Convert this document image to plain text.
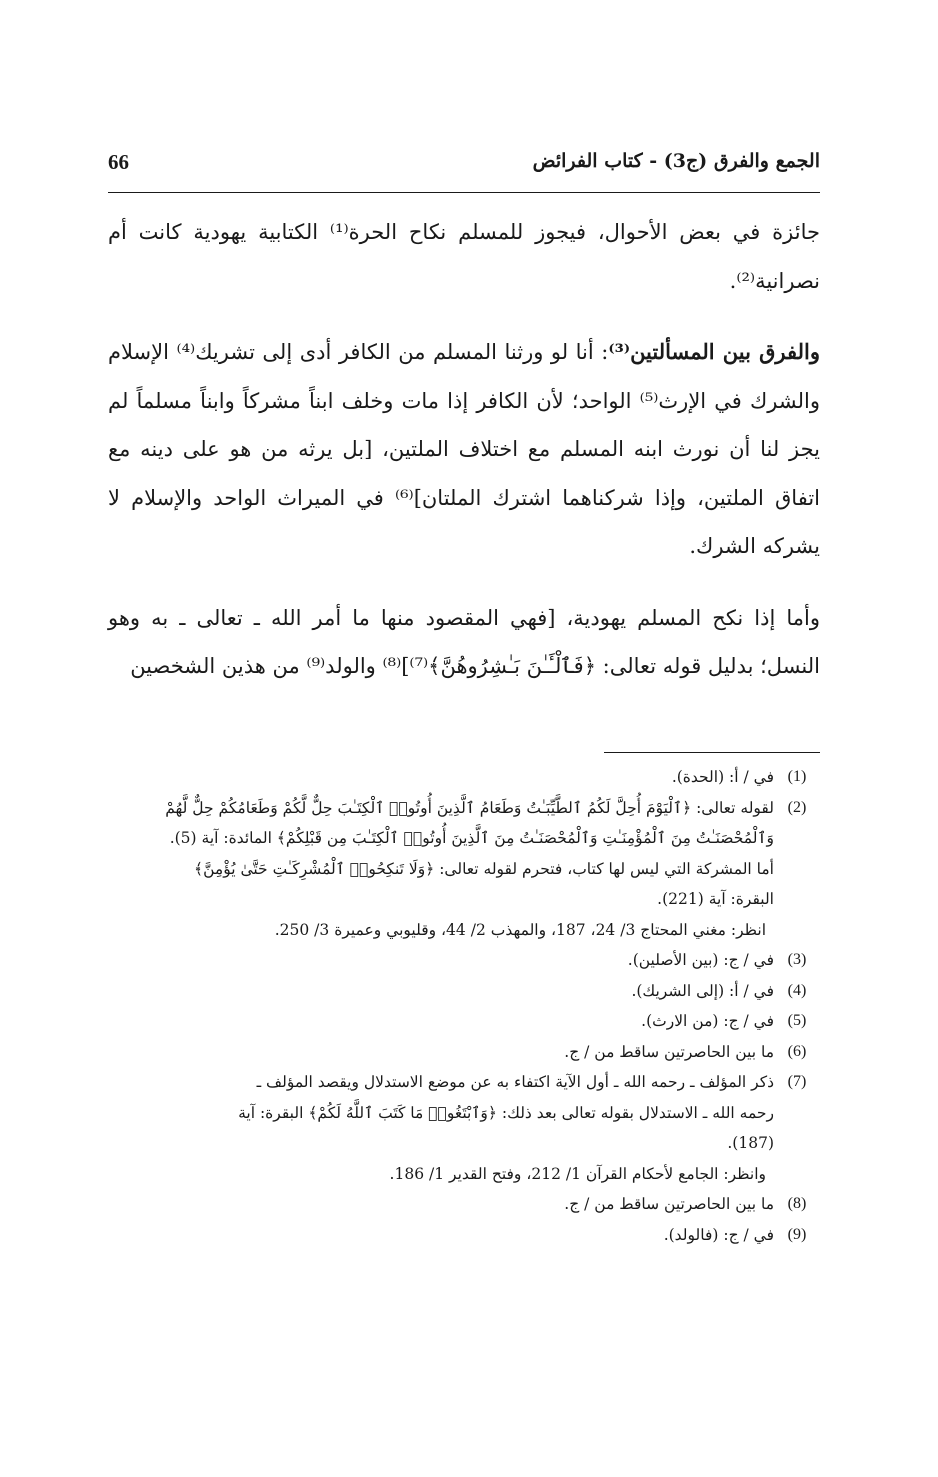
66	الجمع والفرق (ج3) - كتاب الفرائض

جائزة في بعض الأحوال، فيجوز للمسلم نكاح الحرة⁽¹⁾ الكتابية يهودية كانت أم نصرانية⁽²⁾.

والفرق بين المسألتين⁽³⁾: أنا لو ورثنا المسلم من الكافر أدى إلى تشريك⁽⁴⁾ الإسلام والشرك في الإرث⁽⁵⁾ الواحد؛ لأن الكافر إذا مات وخلف ابناً مشركاً وابناً مسلماً لم يجز لنا أن نورث ابنه المسلم مع اختلاف الملتين، [بل يرثه من هو على دينه مع اتفاق الملتين، وإذا شركناهما اشترك الملتان]⁽⁶⁾ في الميراث الواحد والإسلام لا يشركه الشرك.

وأما إذا نكح المسلم يهودية، [فهي المقصود منها ما أمر الله ـ تعالى ـ به وهو النسل؛ بدليل قوله تعالى: ﴿فَٱلْـَٔـٰنَ بَـٰشِرُوهُنَّ﴾⁽⁷⁾]⁽⁸⁾ والولد⁽⁹⁾ من هذين الشخصين

(1)
في / أ: (الحدة).
(2)
لقوله تعالى: ﴿ٱلْيَوْمَ أُحِلَّ لَكُمُ ٱلطَّيِّبَـٰتُ وَطَعَامُ ٱلَّذِينَ أُوتُوا۟ ٱلْكِتَـٰبَ حِلٌّ لَّكُمْ وَطَعَامُكُمْ حِلٌّ لَّهُمْ
وَٱلْمُحْصَنَـٰتُ مِنَ ٱلْمُؤْمِنَـٰتِ وَٱلْمُحْصَنَـٰتُ مِنَ ٱلَّذِينَ أُوتُوا۟ ٱلْكِتَـٰبَ مِن قَبْلِكُمْ﴾ المائدة: آية (5).
أما المشركة التي ليس لها كتاب، فتحرم لقوله تعالى: ﴿وَلَا تَنكِحُوا۟ ٱلْمُشْرِكَـٰتِ حَتَّىٰ يُؤْمِنَّ﴾
البقرة: آية (221).
انظر: مغني المحتاج 3/ 24، 187، والمهذب 2/ 44، وقليوبي وعميرة 3/ 250.
(3)
في / ج: (بين الأصلين).
(4)
في / أ: (إلى الشريك).
(5)
في / ج: (من الارث).
(6)
ما بين الحاصرتين ساقط من / ج.
(7)
ذكر المؤلف ـ رحمه الله ـ أول الآية اكتفاء به عن موضع الاستدلال ويقصد المؤلف ـ
رحمه الله ـ الاستدلال بقوله تعالى بعد ذلك: ﴿وَٱبْتَغُوا۟ مَا كَتَبَ ٱللَّهُ لَكُمْ﴾ البقرة: آية
(187).
وانظر: الجامع لأحكام القرآن 1/ 212، وفتح القدير 1/ 186.
(8)
ما بين الحاصرتين ساقط من / ج.
(9)
في / ج: (فالولد).
